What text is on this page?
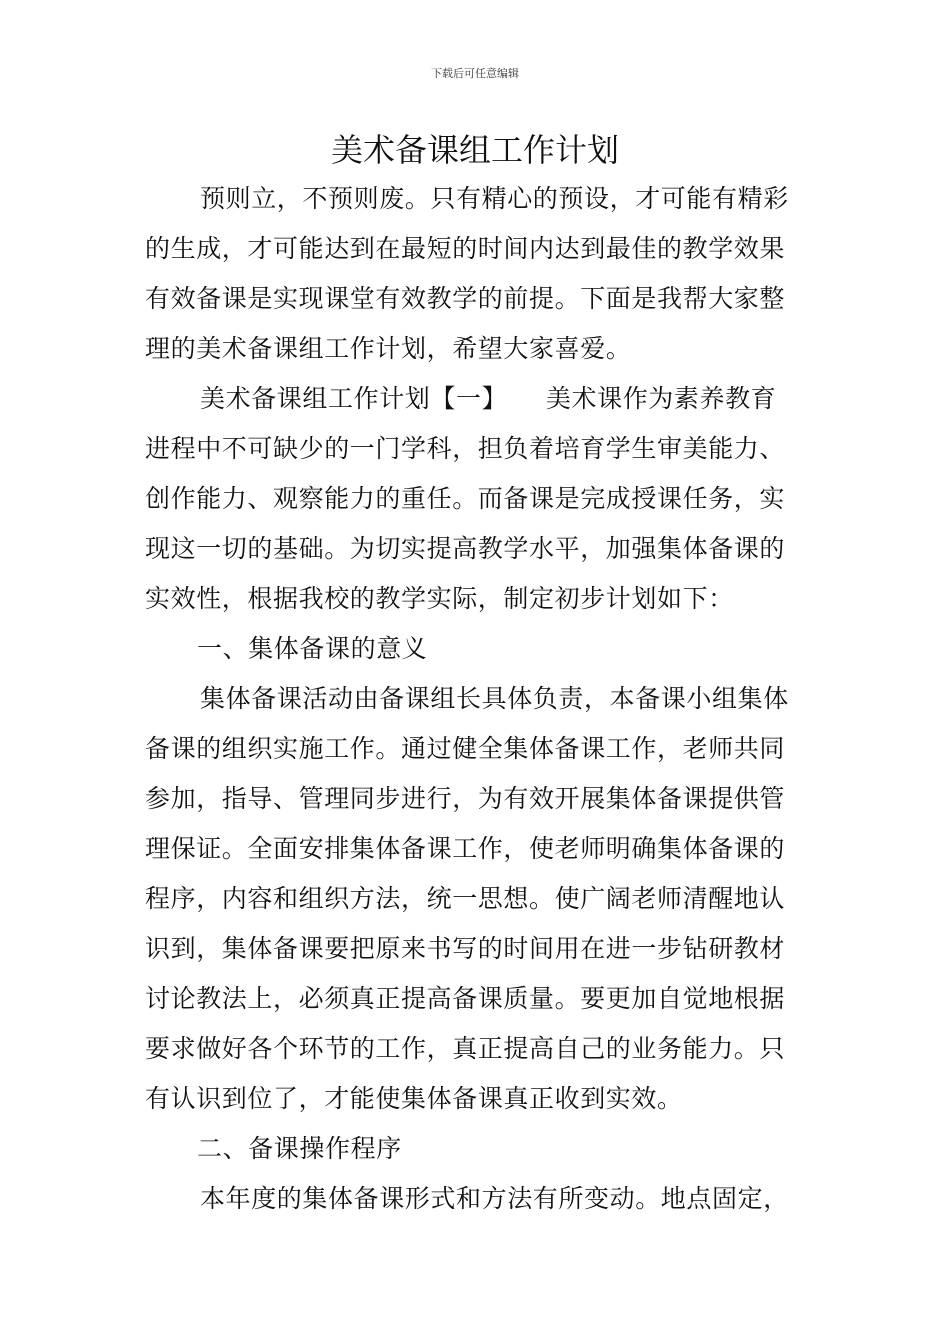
下载后可任意编辑
美术备课组工作计划
预则立，不预则废。只有精心的预设，才可能有精彩
的生成，才可能达到在最短的时间内达到最佳的教学效果
有效备课是实现课堂有效教学的前提。下面是我帮大家整
理的美术备课组工作计划，希望大家喜爱。
美术备课组工作计划【一】　　美术课作为素养教育
进程中不可缺少的一门学科，担负着培育学生审美能力、
创作能力、观察能力的重任。而备课是完成授课任务，实
现这一切的基础。为切实提高教学水平，加强集体备课的
实效性，根据我校的教学实际，制定初步计划如下：
一、集体备课的意义
集体备课活动由备课组长具体负责，本备课小组集体
备课的组织实施工作。通过健全集体备课工作，老师共同
参加，指导、管理同步进行，为有效开展集体备课提供管
理保证。全面安排集体备课工作，使老师明确集体备课的
程序，内容和组织方法，统一思想。使广阔老师清醒地认
识到，集体备课要把原来书写的时间用在进一步钻研教材
讨论教法上，必须真正提高备课质量。要更加自觉地根据
要求做好各个环节的工作，真正提高自己的业务能力。只
有认识到位了，才能使集体备课真正收到实效。
二、备课操作程序
本年度的集体备课形式和方法有所变动。地点固定，
